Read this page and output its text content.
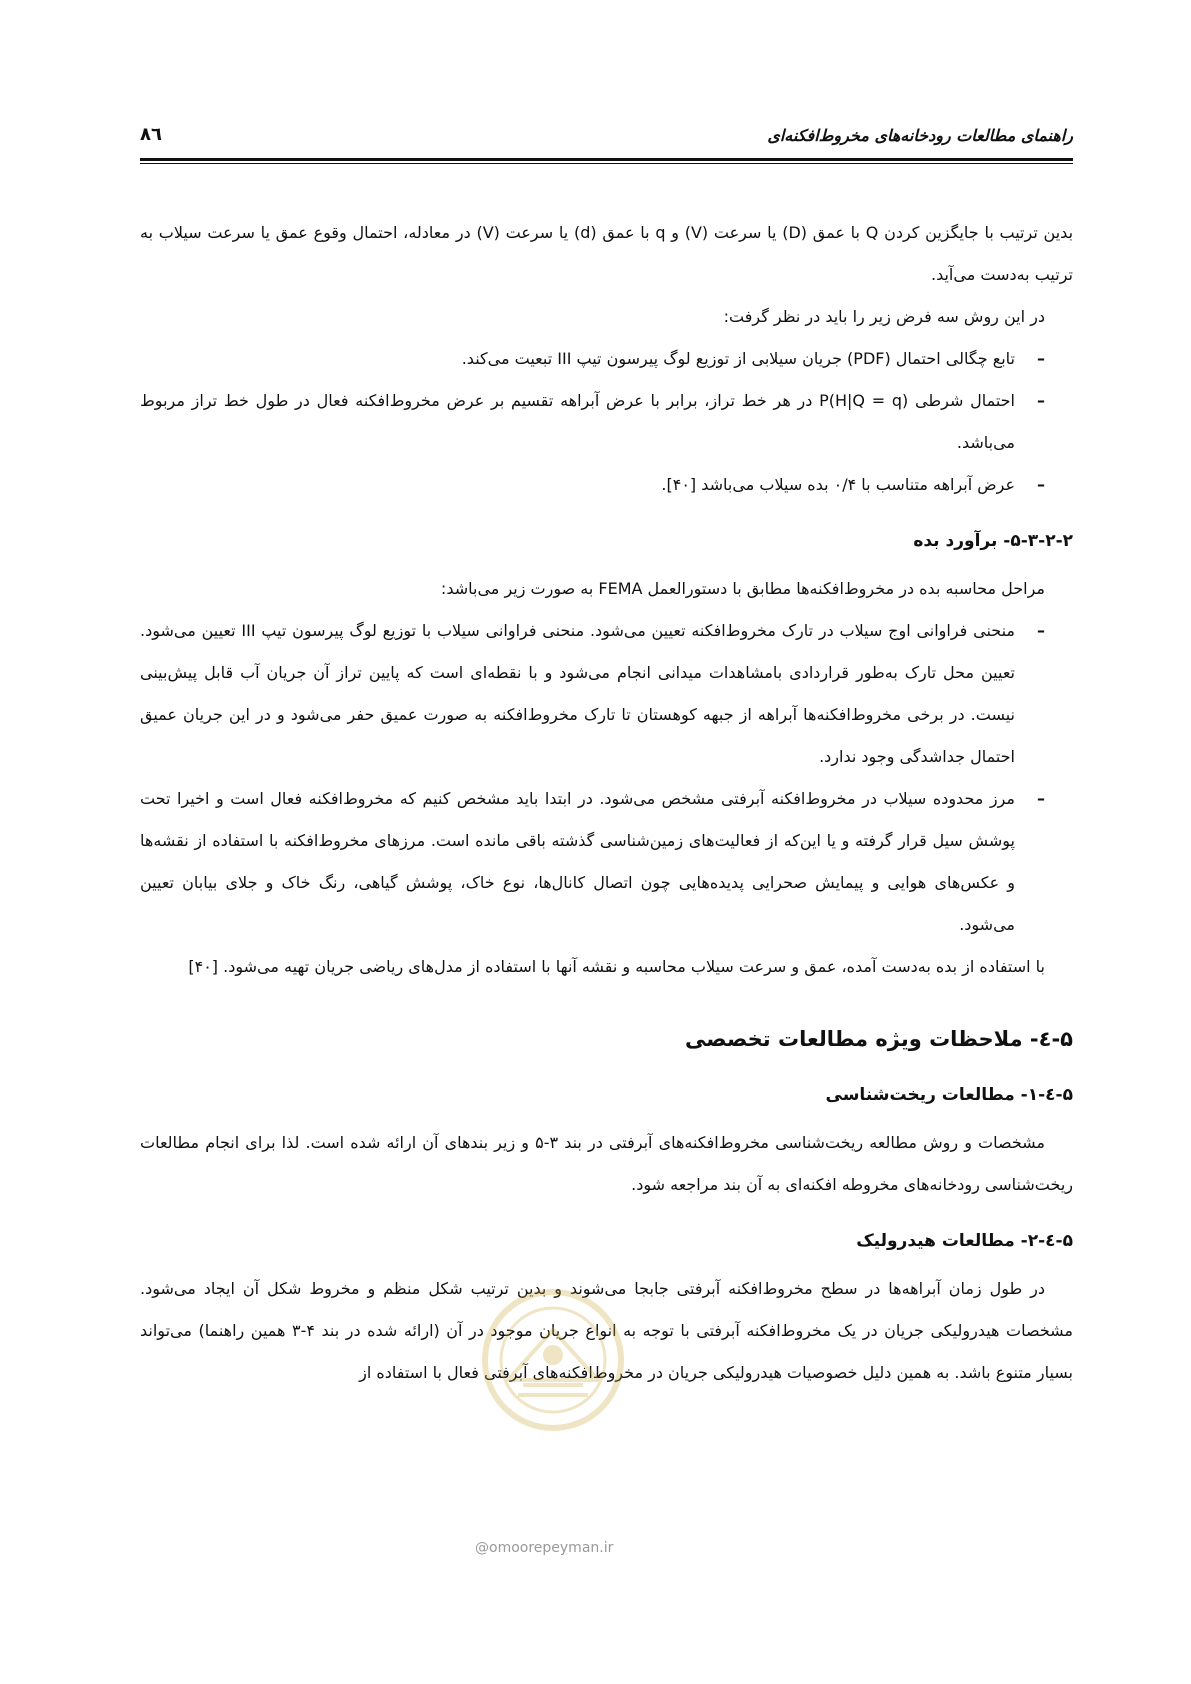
راهنمای مطالعات رودخانه‌های مخروط‌افکنه‌ای
۸٦

بدین ترتیب با جایگزین کردن Q با عمق (D) یا سرعت (V) و q با عمق (d) یا سرعت (V) در معادله، احتمال وقوع عمق یا سرعت سیلاب به ترتیب به‌دست می‌آید.

در این روش سه فرض زیر را باید در نظر گرفت:

–
تابع چگالی احتمال (PDF) جریان سیلابی از توزیع لوگ پیرسون تیپ III تبعیت می‌کند.
–
احتمال شرطی P(H|Q = q) در هر خط تراز، برابر با عرض آبراهه تقسیم بر عرض مخروط‌افکنه فعال در طول خط تراز مربوط می‌باشد.
–
عرض آبراهه متناسب با ۰/۴ بده سیلاب می‌باشد [۴۰].
۵-۳-۲-۲- برآورد بده

مراحل محاسبه بده در مخروط‌افکنه‌ها مطابق با دستورالعمل FEMA به صورت زیر می‌باشد:

–
منحنی فراوانی اوج سیلاب در تارک مخروط‌افکنه تعیین می‌شود. منحنی فراوانی سیلاب با توزیع لوگ پیرسون تیپ III تعیین می‌شود. تعیین محل تارک به‌طور قراردادی بامشاهدات میدانی انجام می‌شود و با نقطه‌ای است که پایین تراز آن جریان آب قابل پیش‌بینی نیست. در برخی مخروط‌افکنه‌ها آبراهه از جبهه کوهستان تا تارک مخروط‌افکنه به صورت عمیق حفر می‌شود و در این جریان عمیق احتمال جداشدگی وجود ندارد.
–
مرز محدوده سیلاب در مخروط‌افکنه آبرفتی مشخص می‌شود. در ابتدا باید مشخص کنیم که مخروط‌افکنه فعال است و اخیرا تحت پوشش سیل قرار گرفته و یا این‌که از فعالیت‌های زمین‌شناسی گذشته باقی مانده است. مرزهای مخروط‌افکنه با استفاده از نقشه‌ها و عکس‌های هوایی و پیمایش صحرایی پدیده‌هایی چون اتصال کانال‌ها، نوع خاک، پوشش گیاهی، رنگ خاک و جلای بیابان تعیین می‌شود.

با استفاده از بده به‌دست آمده، عمق و سرعت سیلاب محاسبه و نقشه آنها با استفاده از مدل‌های ریاضی جریان تهیه می‌شود. [۴۰]

۵-٤- ملاحظات ویژه مطالعات تخصصی
۵-٤-۱- مطالعات ریخت‌شناسی

مشخصات و روش مطالعه ریخت‌شناسی مخروط‌افکنه‌های آبرفتی در بند ۳-۵ و زیر بندهای آن ارائه شده است. لذا برای انجام مطالعات ریخت‌شناسی رودخانه‌های مخروطه افکنه‌ای به آن بند مراجعه شود.

۵-٤-۲- مطالعات هیدرولیک

در طول زمان آبراهه‌ها در سطح مخروط‌افکنه آبرفتی جابجا می‌شوند و بدین ترتیب شکل منظم و مخروط شکل آن ایجاد می‌شود. مشخصات هیدرولیکی جریان در یک مخروط‌افکنه آبرفتی با توجه به انواع جریان موجود در آن (ارائه شده در بند ۴-۳ همین راهنما) می‌تواند بسیار متنوع باشد. به همین دلیل خصوصیات هیدرولیکی جریان در مخروط‌افکنه‌های آبرفتی فعال با استفاده از

@omoorepeyman.ir
